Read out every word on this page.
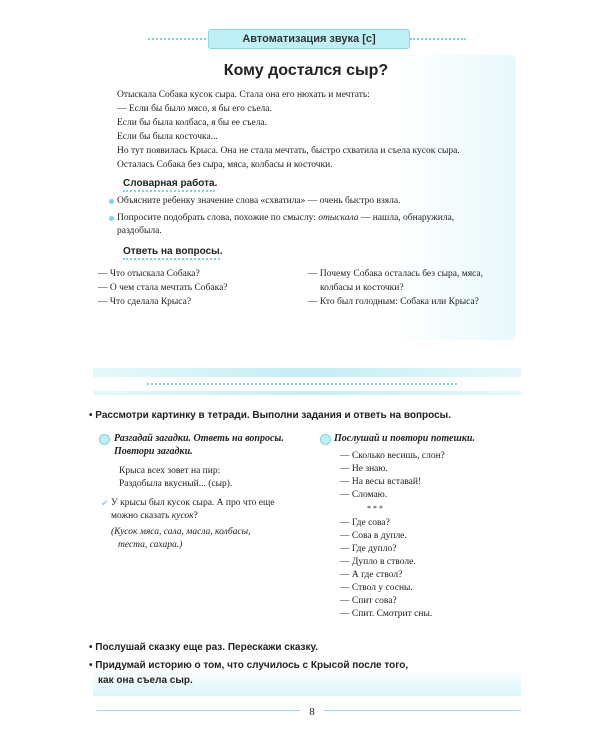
Автоматизация звука [с]
Кому достался сыр?

Отыскала Собака кусок сыра. Стала она его нюхать и мечтать:

— Если бы было мясо, я бы его съела.

Если бы была колбаса, я бы ее съела.

Если бы была косточка...

Но тут появилась Крыса. Она не стала мечтать, быстро схватила и съела кусок сыра.

Осталась Собака без сыра, мяса, колбасы и косточки.

Словарная работа.
Объясните ребенку значение слова «схватила» — очень быстро взяла.
Попросите подобрать слова, похожие по смыслу: отыскала — нашла, обнаружила,
раздобыла.
Ответь на вопросы.
— Что отыскала Собака?
— О чем стала мечтать Собака?
— Что сделала Крыса?
— Почему Собака осталась без сыра, мяса,
колбасы и косточки?
— Кто был голодным: Собака или Крыса?
• Рассмотри картинку в тетради. Выполни задания и ответь на вопросы.
Разгадай загадки. Ответь на вопросы.
Повтори загадки.
Крыса всех зовет на пир:
Раздобыла вкусный... (сыр).
✔ У крысы был кусок сыра. А про что еще
можно сказать кусок?
(Кусок мяса, сала, масла, колбасы,
теста, сахара.)
Послушай и повтори потешки.
— Сколько весишь, слон?
— Не знаю.
— На весы вставай!
— Сломаю.
* * *
— Где сова?
— Сова в дупле.
— Где дупло?
— Дупло в стволе.
— А где ствол?
— Ствол у сосны.
— Спит сова?
— Спит. Смотрит сны.
• Послушай сказку еще раз. Перескажи сказку.
• Придумай историю о том, что случилось с Крысой после того,
как она съела сыр.
8
